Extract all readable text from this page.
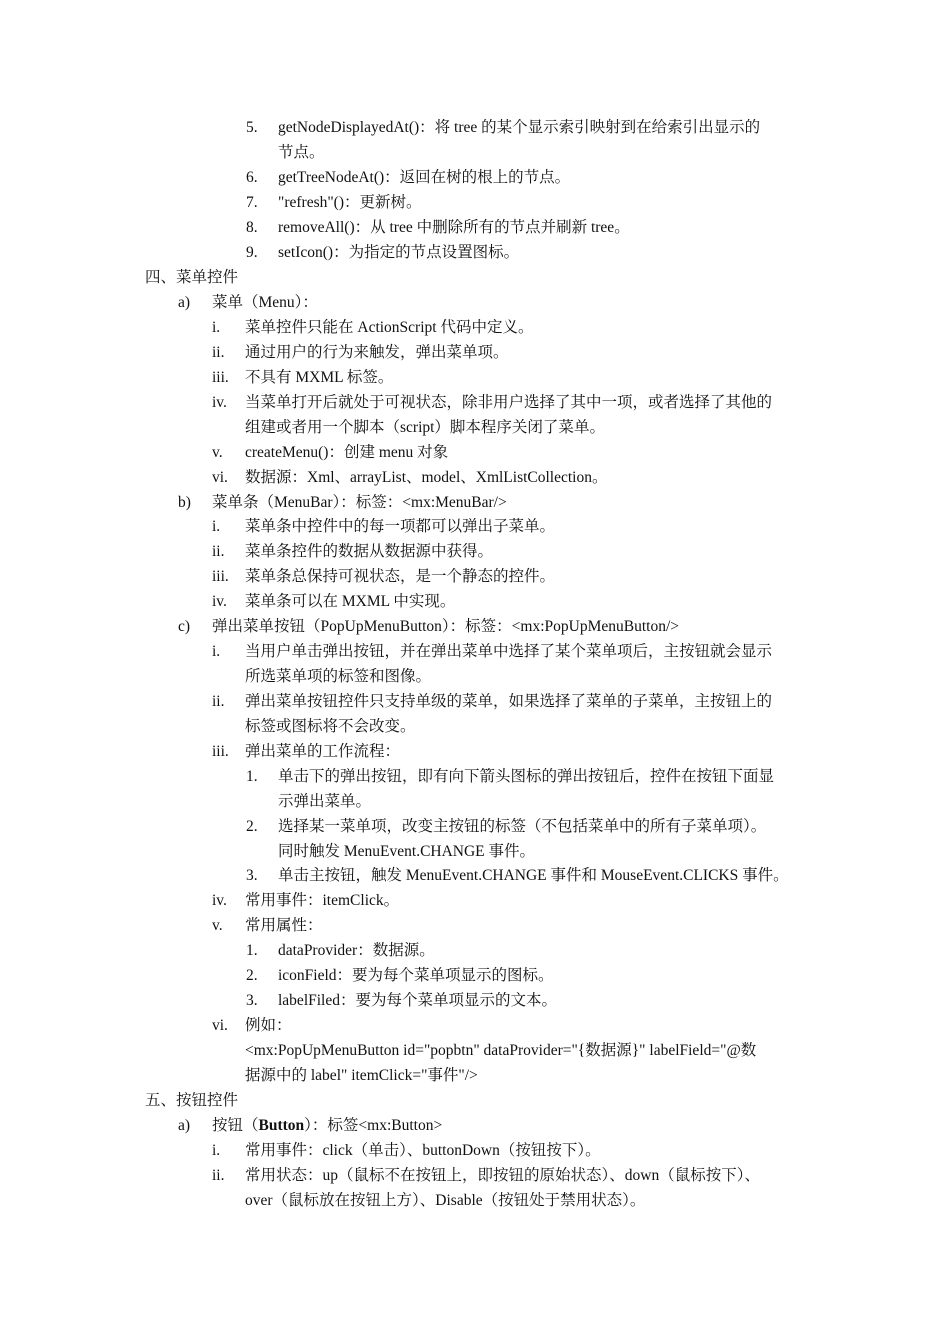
5. getNodeDisplayedAt()：将 tree 的某个显示索引映射到在给索引出显示的
节点。
6. getTreeNodeAt()：返回在树的根上的节点。
7. "refresh"()：更新树。
8. removeAll()：从 tree 中删除所有的节点并刷新 tree。
9. setIcon()：为指定的节点设置图标。
四、菜单控件
a) 菜单（Menu）：
i. 菜单控件只能在 ActionScript 代码中定义。
ii. 通过用户的行为来触发，弹出菜单项。
iii. 不具有 MXML 标签。
iv. 当菜单打开后就处于可视状态，除非用户选择了其中一项，或者选择了其他的
组建或者用一个脚本（script）脚本程序关闭了菜单。
v. createMenu()：创建 menu 对象
vi. 数据源：Xml、arrayList、model、XmlListCollection。
b) 菜单条（MenuBar）：标签：<mx:MenuBar/>
i. 菜单条中控件中的每一项都可以弹出子菜单。
ii. 菜单条控件的数据从数据源中获得。
iii. 菜单条总保持可视状态，是一个静态的控件。
iv. 菜单条可以在 MXML 中实现。
c) 弹出菜单按钮（PopUpMenuButton）：标签：<mx:PopUpMenuButton/>
i. 当用户单击弹出按钮，并在弹出菜单中选择了某个菜单项后，主按钮就会显示
所选菜单项的标签和图像。
ii. 弹出菜单按钮控件只支持单级的菜单，如果选择了菜单的子菜单，主按钮上的
标签或图标将不会改变。
iii. 弹出菜单的工作流程：
1. 单击下的弹出按钮，即有向下箭头图标的弹出按钮后，控件在按钮下面显
示弹出菜单。
2. 选择某一菜单项，改变主按钮的标签（不包括菜单中的所有子菜单项）。
同时触发 MenuEvent.CHANGE 事件。
3. 单击主按钮，触发 MenuEvent.CHANGE 事件和 MouseEvent.CLICKS 事件。
iv. 常用事件：itemClick。
v. 常用属性：
1. dataProvider：数据源。
2. iconField：要为每个菜单项显示的图标。
3. labelFiled：要为每个菜单项显示的文本。
vi. 例如：
<mx:PopUpMenuButton id="popbtn" dataProvider="{数据源}" labelField="@数
据源中的 label" itemClick="事件"/>
五、按钮控件
a) 按钮（Button）：标签<mx:Button>
i. 常用事件：click（单击）、buttonDown（按钮按下）。
ii. 常用状态：up（鼠标不在按钮上，即按钮的原始状态）、down（鼠标按下）、
over（鼠标放在按钮上方）、Disable（按钮处于禁用状态）。
